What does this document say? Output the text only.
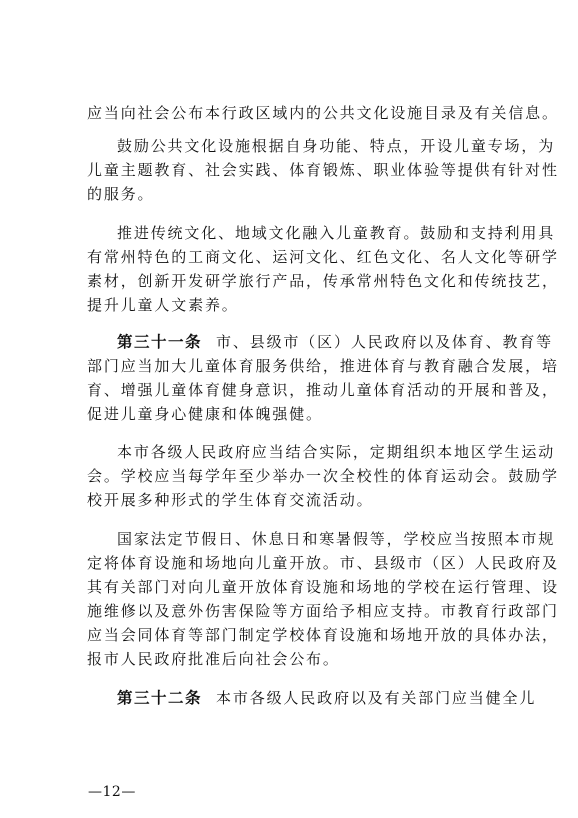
应当向社会公布本行政区域内的公共文化设施目录及有关信息。
鼓励公共文化设施根据自身功能、特点，开设儿童专场，为
儿童主题教育、社会实践、体育锻炼、职业体验等提供有针对性
的服务。
推进传统文化、地域文化融入儿童教育。鼓励和支持利用具
有常州特色的工商文化、运河文化、红色文化、名人文化等研学
素材，创新开发研学旅行产品，传承常州特色文化和传统技艺，
提升儿童人文素养。
第三十一条 市、县级市（区）人民政府以及体育、教育等
部门应当加大儿童体育服务供给，推进体育与教育融合发展，培
育、增强儿童体育健身意识，推动儿童体育活动的开展和普及，
促进儿童身心健康和体魄强健。
本市各级人民政府应当结合实际，定期组织本地区学生运动
会。学校应当每学年至少举办一次全校性的体育运动会。鼓励学
校开展多种形式的学生体育交流活动。
国家法定节假日、休息日和寒暑假等，学校应当按照本市规
定将体育设施和场地向儿童开放。市、县级市（区）人民政府及
其有关部门对向儿童开放体育设施和场地的学校在运行管理、设
施维修以及意外伤害保险等方面给予相应支持。市教育行政部门
应当会同体育等部门制定学校体育设施和场地开放的具体办法，
报市人民政府批准后向社会公布。
第三十二条 本市各级人民政府以及有关部门应当健全儿
—12—
